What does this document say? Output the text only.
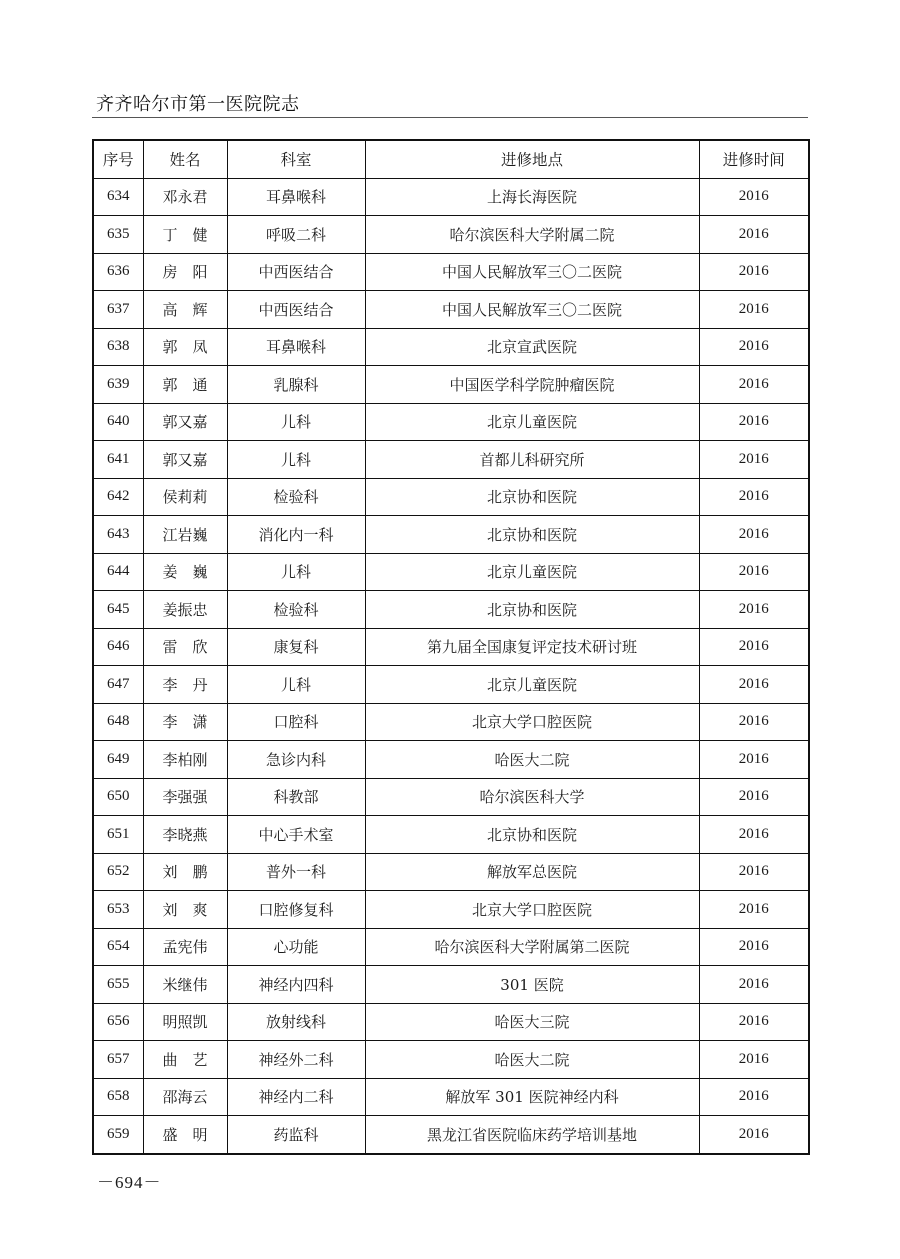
齐齐哈尔市第一医院院志
序号	姓名	科室	进修地点	进修时间
634	邓永君	耳鼻喉科	上海长海医院	2016
635	丁　健	呼吸二科	哈尔滨医科大学附属二院	2016
636	房　阳	中西医结合	中国人民解放军三〇二医院	2016
637	高　辉	中西医结合	中国人民解放军三〇二医院	2016
638	郭　凤	耳鼻喉科	北京宣武医院	2016
639	郭　通	乳腺科	中国医学科学院肿瘤医院	2016
640	郭又嘉	儿科	北京儿童医院	2016
641	郭又嘉	儿科	首都儿科研究所	2016
642	侯莉莉	检验科	北京协和医院	2016
643	江岩巍	消化内一科	北京协和医院	2016
644	姜　巍	儿科	北京儿童医院	2016
645	姜振忠	检验科	北京协和医院	2016
646	雷　欣	康复科	第九届全国康复评定技术研讨班	2016
647	李　丹	儿科	北京儿童医院	2016
648	李　潇	口腔科	北京大学口腔医院	2016
649	李柏刚	急诊内科	哈医大二院	2016
650	李强强	科教部	哈尔滨医科大学	2016
651	李晓燕	中心手术室	北京协和医院	2016
652	刘　鹏	普外一科	解放军总医院	2016
653	刘　爽	口腔修复科	北京大学口腔医院	2016
654	孟宪伟	心功能	哈尔滨医科大学附属第二医院	2016
655	米继伟	神经内四科	301 医院	2016
656	明照凯	放射线科	哈医大三院	2016
657	曲　艺	神经外二科	哈医大二院	2016
658	邵海云	神经内二科	解放军 301 医院神经内科	2016
659	盛　明	药监科	黑龙江省医院临床药学培训基地	2016
－694－
